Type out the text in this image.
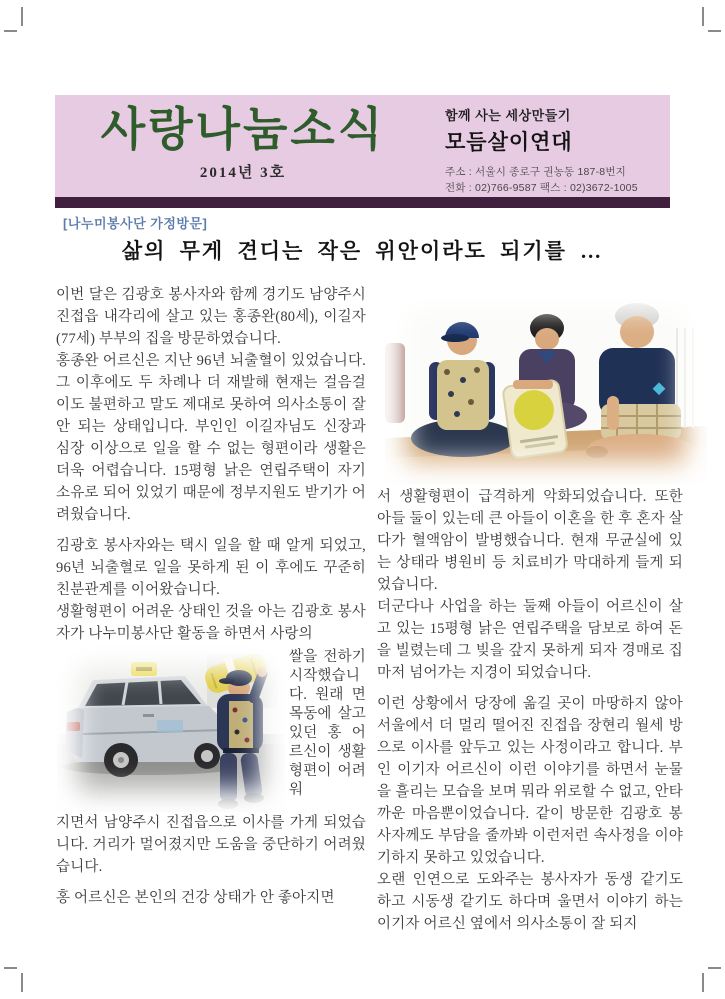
사랑나눔소식
2014년 3호
함께 사는 세상만들기
모듬살이연대
주소 : 서울시 종로구 권농동 187-8번지
전화 : 02)766-9587 팩스 : 02)3672-1005
[나누미봉사단 가정방문]
삶의 무게 견디는 작은 위안이라도 되기를 …

이번 달은 김광호 봉사자와 함께 경기도 남양주시 진접읍 내각리에 살고 있는 홍종완(80세), 이길자(77세) 부부의 집을 방문하였습니다.

홍종완 어르신은 지난 96년 뇌출혈이 있었습니다. 그 이후에도 두 차례나 더 재발해 현재는 걸음걸이도 불편하고 말도 제대로 못하여 의사소통이 잘 안 되는 상태입니다. 부인인 이길자님도 신장과 심장 이상으로 일을 할 수 없는 형편이라 생활은 더욱 어렵습니다. 15평형 낡은 연립주택이 자기 소유로 되어 있었기 때문에 정부지원도 받기가 어려웠습니다.

김광호 봉사자와는 택시 일을 할 때 알게 되었고, 96년 뇌출혈로 일을 못하게 된 이 후에도 꾸준히 친분관계를 이어왔습니다.

생활형편이 어려운 상태인 것을 아는 김광호 봉사자가 나누미봉사단 활동을 하면서 사랑의

쌀을 전하기 시작했습니다. 원래 면목동에 살고 있던 홍 어르신이 생활 형편이 어려워

지면서 남양주시 진접읍으로 이사를 가게 되었습니다. 거리가 멀어졌지만 도움을 중단하기 어려웠습니다.

홍 어르신은 본인의 건강 상태가 안 좋아지면

서 생활형편이 급격하게 악화되었습니다. 또한 아들 둘이 있는데 큰 아들이 이혼을 한 후 혼자 살다가 혈액암이 발병했습니다. 현재 무균실에 있는 상태라 병원비 등 치료비가 막대하게 들게 되었습니다.

더군다나 사업을 하는 둘째 아들이 어르신이 살고 있는 15평형 낡은 연립주택을 담보로 하여 돈을 빌렸는데 그 빚을 갚지 못하게 되자 경매로 집마저 넘어가는 지경이 되었습니다.

이런 상황에서 당장에 옮길 곳이 마땅하지 않아 서울에서 더 멀리 떨어진 진접읍 장현리 월세 방으로 이사를 앞두고 있는 사정이라고 합니다. 부인 이기자 어르신이 이런 이야기를 하면서 눈물을 흘리는 모습을 보며 뭐라 위로할 수 없고, 안타까운 마음뿐이었습니다. 같이 방문한 김광호 봉사자께도 부담을 줄까봐 이런저런 속사정을 이야기하지 못하고 있었습니다.

오랜 인연으로 도와주는 봉사자가 동생 같기도 하고 시동생 같기도 하다며 울면서 이야기 하는 이기자 어르신 옆에서 의사소통이 잘 되지
